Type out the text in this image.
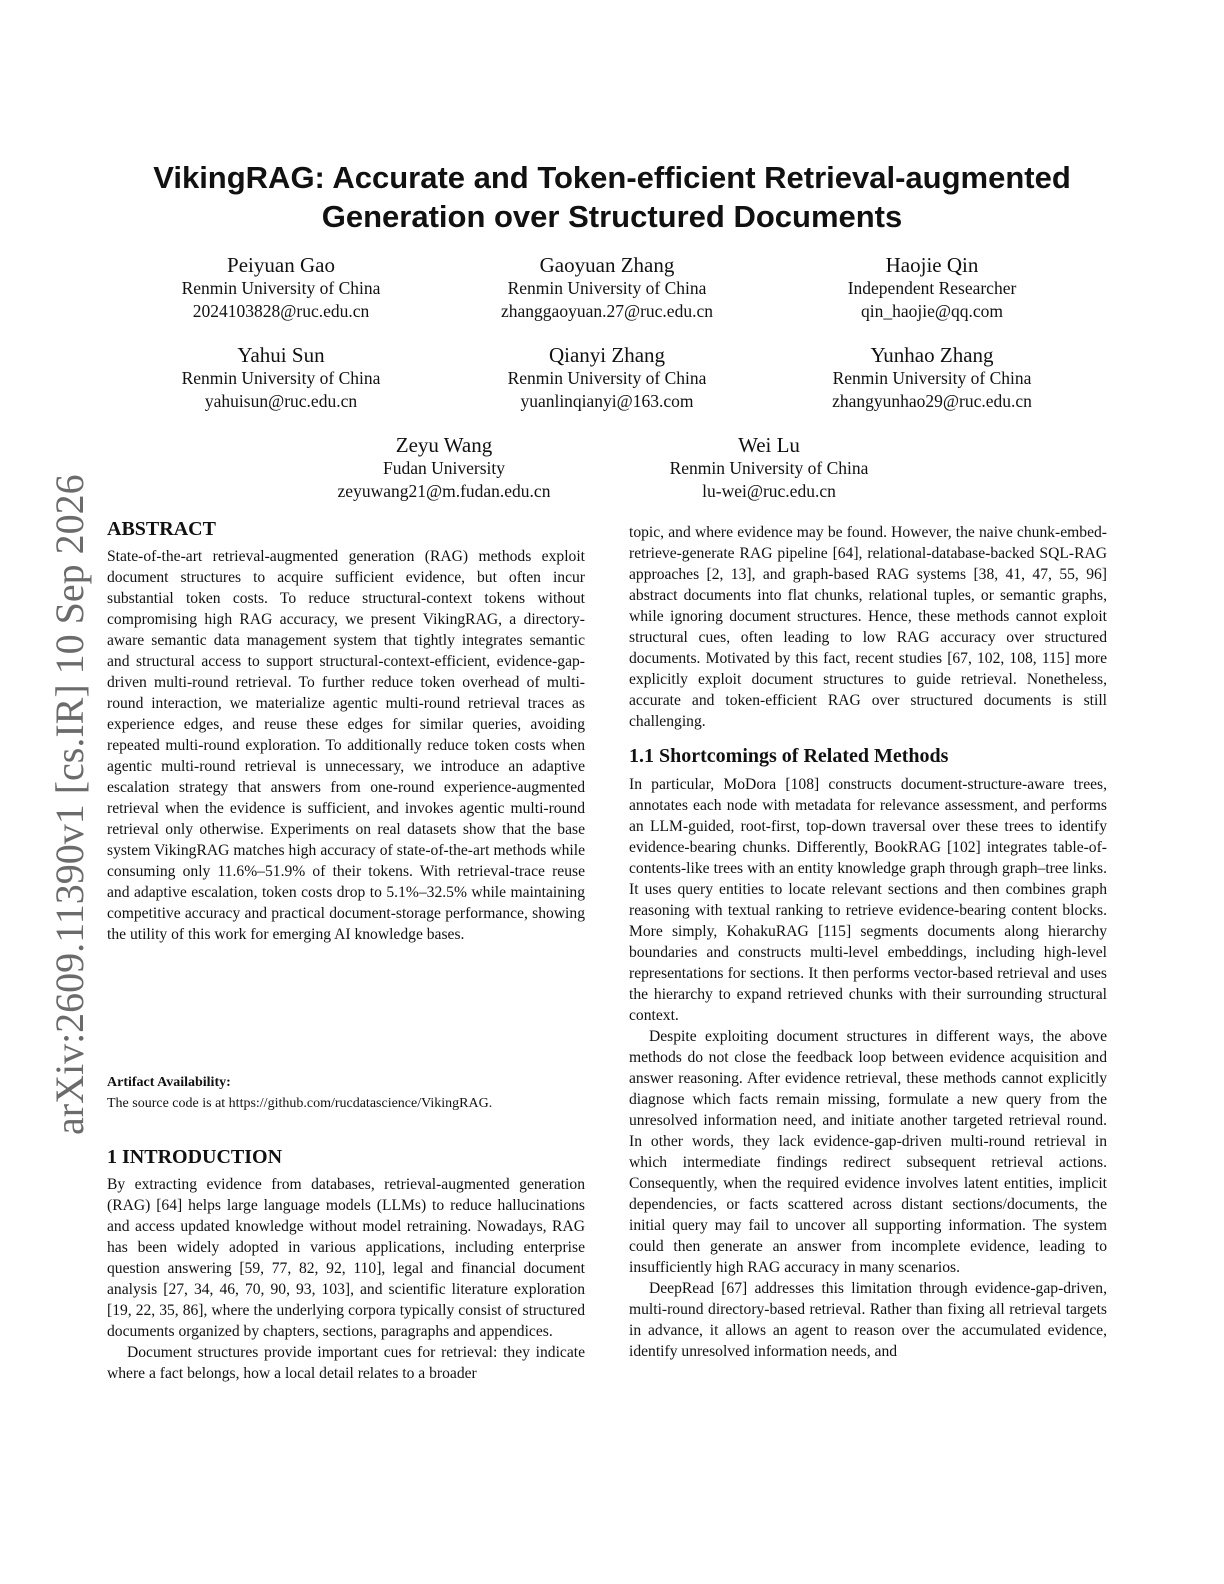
VikingRAG: Accurate and Token-efficient Retrieval-augmented
Generation over Structured Documents
Peiyuan Gao
Renmin University of China
2024103828@ruc.edu.cn
Gaoyuan Zhang
Renmin University of China
zhanggaoyuan.27@ruc.edu.cn
Haojie Qin
Independent Researcher
qin_haojie@qq.com
Yahui Sun
Renmin University of China
yahuisun@ruc.edu.cn
Qianyi Zhang
Renmin University of China
yuanlinqianyi@163.com
Yunhao Zhang
Renmin University of China
zhangyunhao29@ruc.edu.cn
Zeyu Wang
Fudan University
zeyuwang21@m.fudan.edu.cn
Wei Lu
Renmin University of China
lu-wei@ruc.edu.cn
arXiv:2609.11390v1 [cs.IR] 10 Sep 2026 ABSTRACT

State-of-the-art retrieval-augmented generation (RAG) methods exploit document structures to acquire sufficient evidence, but often incur substantial token costs. To reduce structural-context tokens without compromising high RAG accuracy, we present VikingRAG, a directory-aware semantic data management system that tightly integrates semantic and structural access to support structural-context-efficient, evidence-gap-driven multi-round retrieval. To further reduce token overhead of multi-round interaction, we materialize agentic multi-round retrieval traces as experience edges, and reuse these edges for similar queries, avoiding repeated multi-round exploration. To additionally reduce token costs when agentic multi-round retrieval is unnecessary, we introduce an adaptive escalation strategy that answers from one-round experience-augmented retrieval when the evidence is sufficient, and invokes agentic multi-round retrieval only otherwise. Experiments on real datasets show that the base system VikingRAG matches high accuracy of state-of-the-art methods while consuming only 11.6%–51.9% of their tokens. With retrieval-trace reuse and adaptive escalation, token costs drop to 5.1%–32.5% while maintaining competitive accuracy and practical document-storage performance, showing the utility of this work for emerging AI knowledge bases.

Artifact Availability:
The source code is at https://github.com/rucdatascience/VikingRAG.
1 INTRODUCTION

By extracting evidence from databases, retrieval-augmented generation (RAG) [64] helps large language models (LLMs) to reduce hallucinations and access updated knowledge without model retraining. Nowadays, RAG has been widely adopted in various applications, including enterprise question answering [59, 77, 82, 92, 110], legal and financial document analysis [27, 34, 46, 70, 90, 93, 103], and scientific literature exploration [19, 22, 35, 86], where the underlying corpora typically consist of structured documents organized by chapters, sections, paragraphs and appendices.

Document structures provide important cues for retrieval: they indicate where a fact belongs, how a local detail relates to a broader

topic, and where evidence may be found. However, the naive chunk-embed-retrieve-generate RAG pipeline [64], relational-database-backed SQL-RAG approaches [2, 13], and graph-based RAG systems [38, 41, 47, 55, 96] abstract documents into flat chunks, relational tuples, or semantic graphs, while ignoring document structures. Hence, these methods cannot exploit structural cues, often leading to low RAG accuracy over structured documents. Motivated by this fact, recent studies [67, 102, 108, 115] more explicitly exploit document structures to guide retrieval. Nonetheless, accurate and token-efficient RAG over structured documents is still challenging.

1.1 Shortcomings of Related Methods

In particular, MoDora [108] constructs document-structure-aware trees, annotates each node with metadata for relevance assessment, and performs an LLM-guided, root-first, top-down traversal over these trees to identify evidence-bearing chunks. Differently, BookRAG [102] integrates table-of-contents-like trees with an entity knowledge graph through graph–tree links. It uses query entities to locate relevant sections and then combines graph reasoning with textual ranking to retrieve evidence-bearing content blocks. More simply, KohakuRAG [115] segments documents along hierarchy boundaries and constructs multi-level embeddings, including high-level representations for sections. It then performs vector-based retrieval and uses the hierarchy to expand retrieved chunks with their surrounding structural context.

Despite exploiting document structures in different ways, the above methods do not close the feedback loop between evidence acquisition and answer reasoning. After evidence retrieval, these methods cannot explicitly diagnose which facts remain missing, formulate a new query from the unresolved information need, and initiate another targeted retrieval round. In other words, they lack evidence-gap-driven multi-round retrieval in which intermediate findings redirect subsequent retrieval actions. Consequently, when the required evidence involves latent entities, implicit dependencies, or facts scattered across distant sections/documents, the initial query may fail to uncover all supporting information. The system could then generate an answer from incomplete evidence, leading to insufficiently high RAG accuracy in many scenarios.

DeepRead [67] addresses this limitation through evidence-gap-driven, multi-round directory-based retrieval. Rather than fixing all retrieval targets in advance, it allows an agent to reason over the accumulated evidence, identify unresolved information needs, and
